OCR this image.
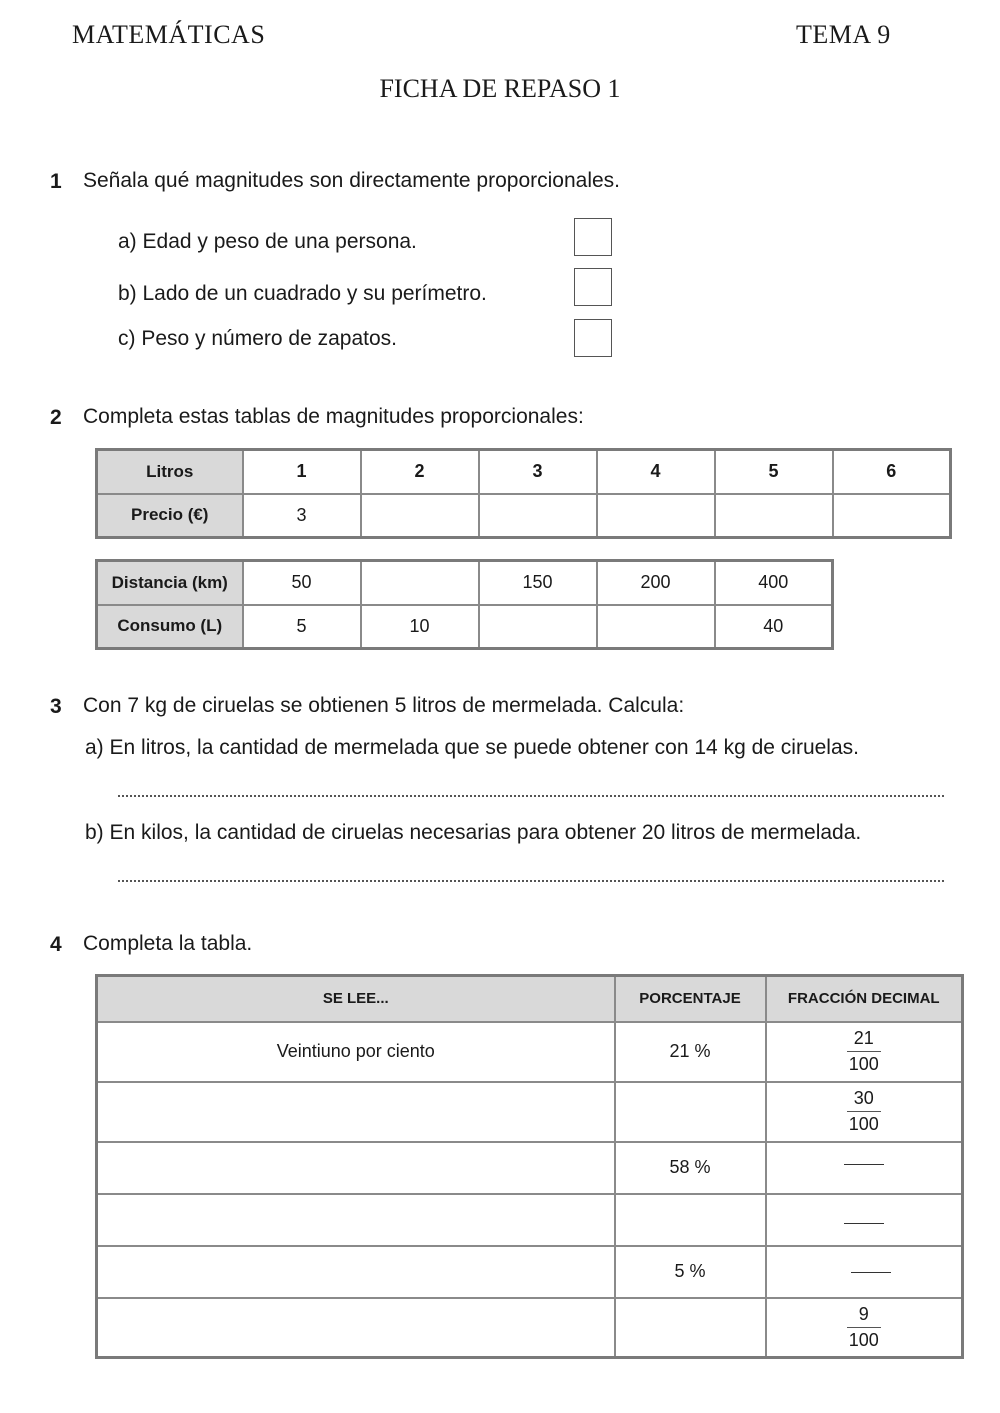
MATEMÁTICAS	TEMA 9
FICHA DE REPASO 1
1 Señala qué magnitudes son directamente proporcionales.
a) Edad y peso de una persona.
b) Lado de un cuadrado y su perímetro.
c) Peso y número de zapatos.
2 Completa estas tablas de magnitudes proporcionales:
Litros	1	2	3	4	5	6
Precio (€)	3					
Distancia (km)	50		150	200	400
Consumo (L)	5	10			40
3 Con 7 kg de ciruelas se obtienen 5 litros de mermelada. Calcula:
a) En litros, la cantidad de mermelada que se puede obtener con 14 kg de ciruelas.
b) En kilos, la cantidad de ciruelas necesarias para obtener 20 litros de mermelada.
4 Completa la tabla.
SE LEE...	PORCENTAJE	FRACCIÓN DECIMAL
Veintiuno por ciento	21 %	$\frac{21}{100}$

		$\frac{30}{100}$

	58 %	

	5 %	

		$\frac{9}{100}$
